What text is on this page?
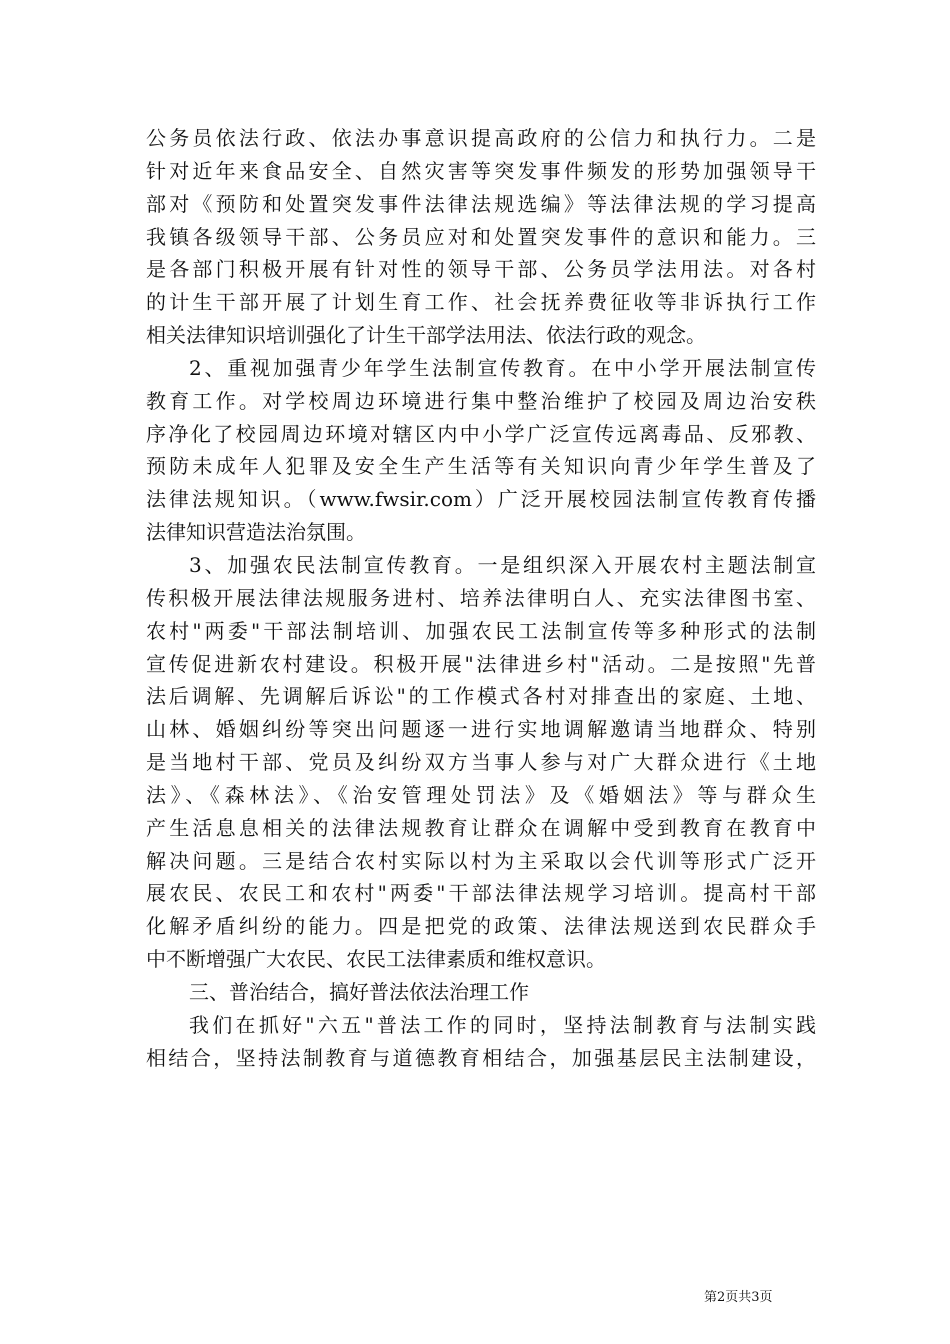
公务员依法行政、依法办事意识提高政府的公信力和执行力。二是
针对近年来食品安全、自然灾害等突发事件频发的形势加强领导干
部对《预防和处置突发事件法律法规选编》等法律法规的学习提高
我镇各级领导干部、公务员应对和处置突发事件的意识和能力。三
是各部门积极开展有针对性的领导干部、公务员学法用法。对各村
的计生干部开展了计划生育工作、社会抚养费征收等非诉执行工作
相关法律知识培训强化了计生干部学法用法、依法行政的观念。
2、重视加强青少年学生法制宣传教育。在中小学开展法制宣传
教育工作。对学校周边环境进行集中整治维护了校园及周边治安秩
序净化了校园周边环境对辖区内中小学广泛宣传远离毒品、反邪教、
预防未成年人犯罪及安全生产生活等有关知识向青少年学生普及了
法律法规知识。（www.fwsir.com）广泛开展校园法制宣传教育传播
法律知识营造法治氛围。
3、加强农民法制宣传教育。一是组织深入开展农村主题法制宣
传积极开展法律法规服务进村、培养法律明白人、充实法律图书室、
农村"两委"干部法制培训、加强农民工法制宣传等多种形式的法制
宣传促进新农村建设。积极开展"法律进乡村"活动。二是按照"先普
法后调解、先调解后诉讼"的工作模式各村对排查出的家庭、土地、
山林、婚姻纠纷等突出问题逐一进行实地调解邀请当地群众、特别
是当地村干部、党员及纠纷双方当事人参与对广大群众进行《土地
法》、《森林法》、《治安管理处罚法》及《婚姻法》等与群众生
产生活息息相关的法律法规教育让群众在调解中受到教育在教育中
解决问题。三是结合农村实际以村为主采取以会代训等形式广泛开
展农民、农民工和农村"两委"干部法律法规学习培训。提高村干部
化解矛盾纠纷的能力。四是把党的政策、法律法规送到农民群众手
中不断增强广大农民、农民工法律素质和维权意识。
三、普治结合，搞好普法依法治理工作
我们在抓好"六五"普法工作的同时，坚持法制教育与法制实践
相结合，坚持法制教育与道德教育相结合，加强基层民主法制建设，
第2页共3页
